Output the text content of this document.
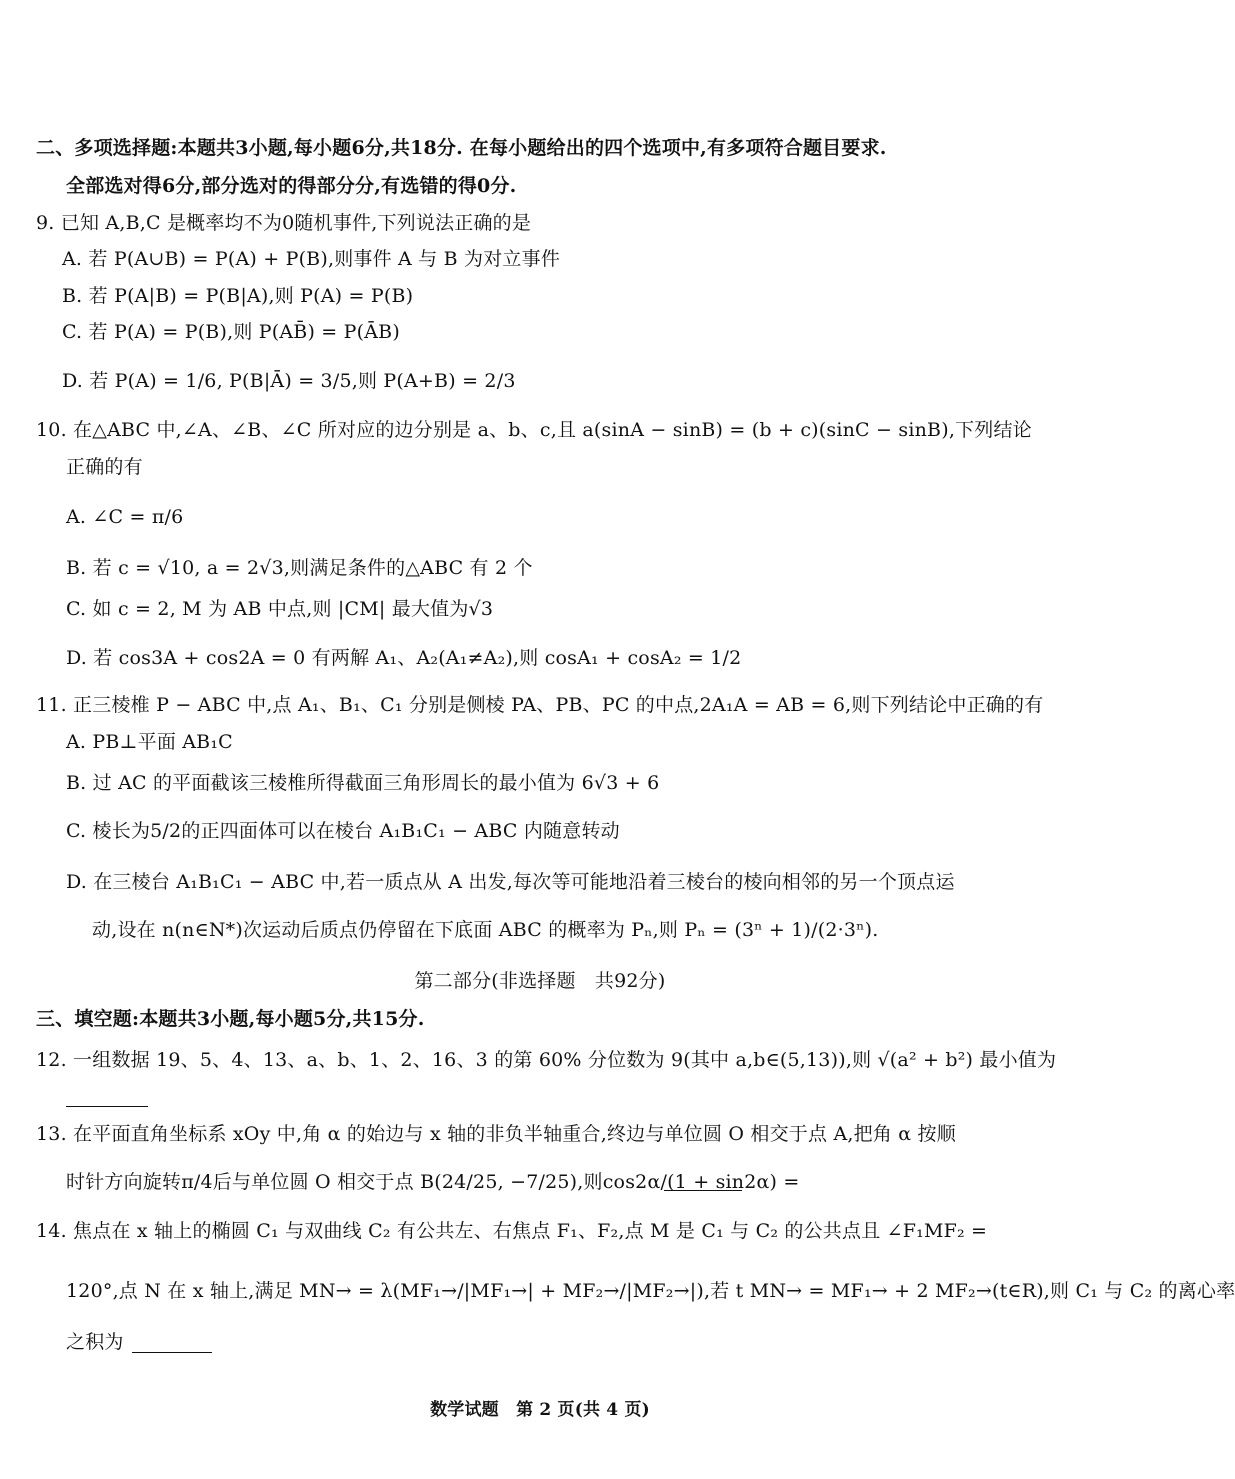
二、多项选择题:本题共3小题,每小题6分,共18分. 在每小题给出的四个选项中,有多项符合题目要求.
全部选对得6分,部分选对的得部分分,有选错的得0分.
9. 已知 A,B,C 是概率均不为0随机事件,下列说法正确的是
A. 若 P(A∪B) = P(A) + P(B),则事件 A 与 B 为对立事件
B. 若 P(A|B) = P(B|A),则 P(A) = P(B)
C. 若 P(A) = P(B),则 P(AB̄) = P(ĀB)
D. 若 P(A) = 1/6, P(B|Ā) = 3/5,则 P(A+B) = 2/3
10. 在△ABC 中,∠A、∠B、∠C 所对应的边分别是 a、b、c,且 a(sinA − sinB) = (b + c)(sinC − sinB),下列结论
正确的有
A. ∠C = π/6
B. 若 c = √10, a = 2√3,则满足条件的△ABC 有 2 个
C. 如 c = 2, M 为 AB 中点,则 |CM| 最大值为√3
D. 若 cos3A + cos2A = 0 有两解 A₁、A₂(A₁≠A₂),则 cosA₁ + cosA₂ = 1/2
11. 正三棱椎 P − ABC 中,点 A₁、B₁、C₁ 分别是侧棱 PA、PB、PC 的中点,2A₁A = AB = 6,则下列结论中正确的有
A. PB⊥平面 AB₁C
B. 过 AC 的平面截该三棱椎所得截面三角形周长的最小值为 6√3 + 6
C. 棱长为5/2的正四面体可以在棱台 A₁B₁C₁ − ABC 内随意转动
D. 在三棱台 A₁B₁C₁ − ABC 中,若一质点从 A 出发,每次等可能地沿着三棱台的棱向相邻的另一个顶点运
动,设在 n(n∈N*)次运动后质点仍停留在下底面 ABC 的概率为 Pₙ,则 Pₙ = (3ⁿ + 1)/(2·3ⁿ).
第二部分(非选择题　共92分)
三、填空题:本题共3小题,每小题5分,共15分.
12. 一组数据 19、5、4、13、a、b、1、2、16、3 的第 60% 分位数为 9(其中 a,b∈(5,13)),则 √(a² + b²) 最小值为
13. 在平面直角坐标系 xOy 中,角 α 的始边与 x 轴的非负半轴重合,终边与单位圆 O 相交于点 A,把角 α 按顺
时针方向旋转π/4后与单位圆 O 相交于点 B(24/25, −7/25),则cos2α/(1 + sin2α) =
14. 焦点在 x 轴上的椭圆 C₁ 与双曲线 C₂ 有公共左、右焦点 F₁、F₂,点 M 是 C₁ 与 C₂ 的公共点且 ∠F₁MF₂ =
120°,点 N 在 x 轴上,满足 MN→ = λ(MF₁→/|MF₁→| + MF₂→/|MF₂→|),若 t MN→ = MF₁→ + 2 MF₂→(t∈R),则 C₁ 与 C₂ 的离心率
之积为
数学试题　第 2 页(共 4 页)
